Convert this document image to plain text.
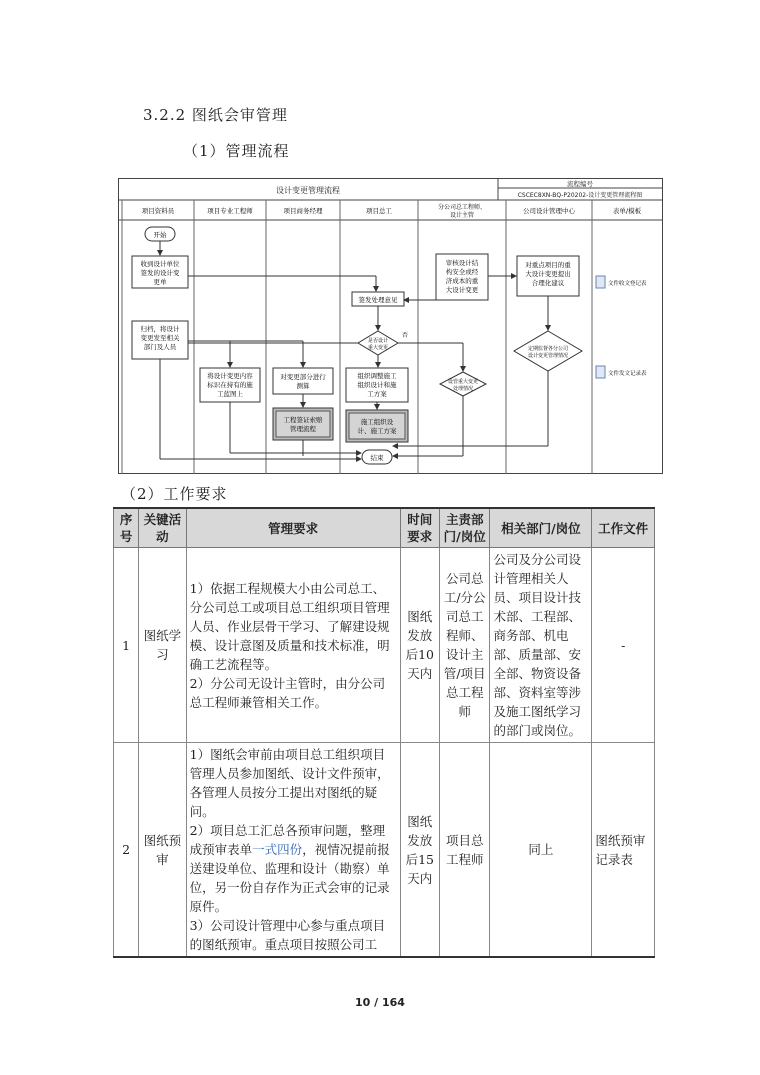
3.2.2 图纸会审管理
（1）管理流程
设计变更管理流程
流程编号
CSCEC8XN-BQ-P20202-设计变更管理流程图
项目资料员	项目专业工程师	项目商务经理	项目总工	分公司总工程师、
设计主管
公司设计管理中心	表单/模板
开始
收到设计单位签发的设计变更单
签发处理意见
是否设计重大变更
否
归档，将设计变更发至相关部门及人员
将设计变更内容标识在持有的施工蓝图上
对变更部分进行测算
工程签证索赔管理流程
组织调整施工组织设计和施工方案
施工组织设计、施工方案
结束
审核设计结构安全或经济成本的重大设计变更
设管重大变更处理情况
对重点项目的重大设计变更提出合理化建议
定期监督各分公司设计变更管理情况
文件收文登记表
文件发文记录表
（2）工作要求
序号	关键活动	管理要求	时间要求	主责部门/岗位	相关部门/岗位	工作文件
1	图纸学习	1）依据工程规模大小由公司总工、分公司总工或项目总工组织项目管理人员、作业层骨干学习、了解建设规模、设计意图及质量和技术标准，明确工艺流程等。
2）分公司无设计主管时，由分公司总工程师兼管相关工作。	图纸发放后10天内	公司总工/分公司总工程师、设计主管/项目总工程师	公司及分公司设计管理相关人员、项目设计技术部、工程部、商务部、机电部、质量部、安全部、物资设备部、资料室等涉及施工图纸学习的部门或岗位。	-
2	图纸预审	1）图纸会审前由项目总工组织项目管理人员参加图纸、设计文件预审，各管理人员按分工提出对图纸的疑问。
2）项目总工汇总各预审问题，整理成预审表单一式四份，视情况提前报送建设单位、监理和设计（勘察）单位，另一份自存作为正式会审的记录原件。
3）公司设计管理中心参与重点项目的图纸预审。重点项目按照公司工	图纸发放后15天内	项目总工程师	同上	图纸预审记录表
10 / 164
